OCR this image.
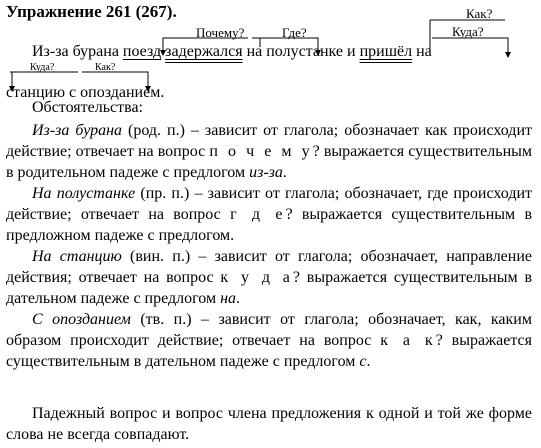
Упражнение 261 (267).
Почему?	Где?
Как?
Куда?
Куда?	Как?
Из-за бурана поезд задержался на полустанке и пришёл на
станцию с опозданием.
Обстоятельства:
Из-за бурана (род. п.) – зависит от глагола; обозначает как происходит действие; отвечает на вопрос п о ч е м у? выражается существительным в родительном падеже с предлогом из-за.
На полустанке (пр. п.) – зависит от глагола; обозначает, где происходит действие; отвечает на вопрос г д е? выражается существительным в предложном падеже с предлогом.
На станцию (вин. п.) – зависит от глагола; обозначает, направление действия; отвечает на вопрос к у д а? выражается существительным в дательном падеже с предлогом на.
С опозданием (тв. п.) – зависит от глагола; обозначает, как, каким образом происходит действие; отвечает на вопрос к а к? выражается существительным в дательном падеже с предлогом с.
Падежный вопрос и вопрос члена предложения к одной и той же форме слова не всегда совпадают.
